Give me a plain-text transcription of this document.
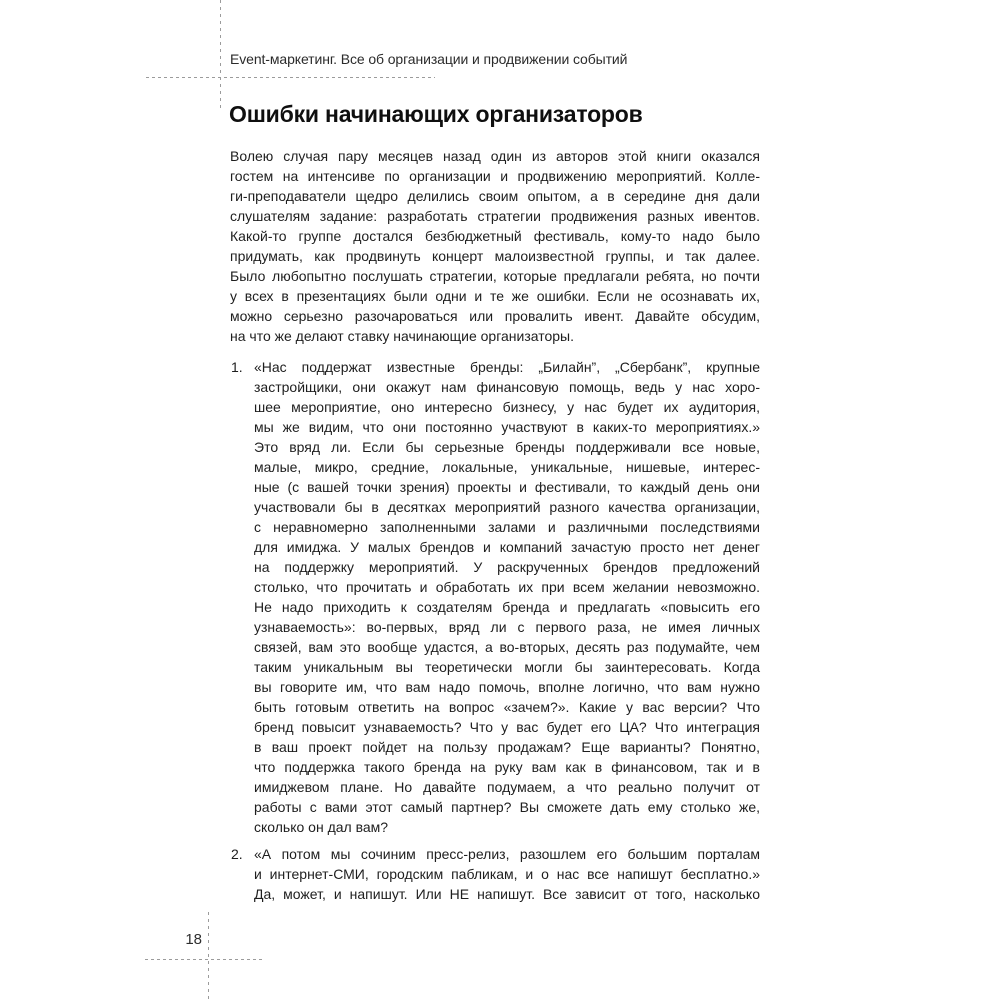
Event-маркетинг. Все об организации и продвижении событий
Ошибки начинающих организаторов
Волею случая пару месяцев назад один из авторов этой книги оказался
гостем на интенсиве по организации и продвижению мероприятий. Колле-
ги-преподаватели щедро делились своим опытом, а в середине дня дали
слушателям задание: разработать стратегии продвижения разных ивентов.
Какой-то группе достался безбюджетный фестиваль, кому-то надо было
придумать, как продвинуть концерт малоизвестной группы, и так далее.
Было любопытно послушать стратегии, которые предлагали ребята, но почти
у всех в презентациях были одни и те же ошибки. Если не осознавать их,
можно серьезно разочароваться или провалить ивент. Давайте обсудим,
на что же делают ставку начинающие организаторы.
1. «Нас поддержат известные бренды: „Билайн”, „Сбербанк”, крупные
застройщики, они окажут нам финансовую помощь, ведь у нас хоро-
шее мероприятие, оно интересно бизнесу, у нас будет их аудитория,
мы же видим, что они постоянно участвуют в каких-то мероприятиях.»
Это вряд ли. Если бы серьезные бренды поддерживали все новые,
малые, микро, средние, локальные, уникальные, нишевые, интерес-
ные (с вашей точки зрения) проекты и фестивали, то каждый день они
участвовали бы в десятках мероприятий разного качества организации,
с неравномерно заполненными залами и различными последствиями
для имиджа. У малых брендов и компаний зачастую просто нет денег
на поддержку мероприятий. У раскрученных брендов предложений
столько, что прочитать и обработать их при всем желании невозможно.
Не надо приходить к создателям бренда и предлагать «повысить его
узнаваемость»: во-первых, вряд ли с первого раза, не имея личных
связей, вам это вообще удастся, а во-вторых, десять раз подумайте, чем
таким уникальным вы теоретически могли бы заинтересовать. Когда
вы говорите им, что вам надо помочь, вполне логично, что вам нужно
быть готовым ответить на вопрос «зачем?». Какие у вас версии? Что
бренд повысит узнаваемость? Что у вас будет его ЦА? Что интеграция
в ваш проект пойдет на пользу продажам? Еще варианты? Понятно,
что поддержка такого бренда на руку вам как в финансовом, так и в
имиджевом плане. Но давайте подумаем, а что реально получит от
работы с вами этот самый партнер? Вы сможете дать ему столько же,
сколько он дал вам?
2. «А потом мы сочиним пресс-релиз, разошлем его большим порталам
и интернет-СМИ, городским пабликам, и о нас все напишут бесплатно.»
Да, может, и напишут. Или НЕ напишут. Все зависит от того, насколько
18
